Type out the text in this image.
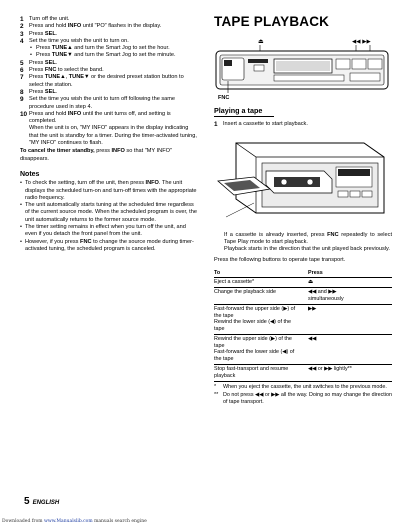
1 Turn off the unit.
2 Press and hold INFO until "PO" flashes in the display.
3 Press SEL.
4 Set the time you wish the unit to turn on.
• Press TUNE▲ and turn the Smart Jog to set the hour.
• Press TUNE▼ and turn the Smart Jog to set the minute.
5 Press SEL.
6 Press FNC to select the band.
7 Press TUNE▲, TUNE▼ or the desired preset station button to select the station.
8 Press SEL.
9 Set the time you wish the unit to turn off following the same procedure used in step 4.
10 Press and hold INFO until the unit turns off, and setting is completed.
When the unit is on, "MY INFO" appears in the display indicating that the unit is standby for a timer. During the timer-activated tuning, "MY INFO" continues to flash.
To cancel the timer standby, press INFO so that "MY INFO" disappears.
Notes
• To check the setting, turn off the unit, then press INFO. The unit displays the scheduled turn-on and turn-off times with the appropriate radio frequency.
• The unit automatically starts tuning at the scheduled time regardless of the current source mode. When the scheduled program is over, the unit automatically returns to the former source mode.
• The timer setting remains in effect when you turn off the unit, and even if you detach the front panel from the unit.
• However, if you press FNC to change the source mode during timer-activated tuning, the scheduled program is canceled.
TAPE PLAYBACK
⏏	◀◀ ▶▶
FNC
Playing a tape
1 Insert a cassette to start playback.
If a cassette is already inserted, press FNC repeatedly to select Tape Play mode to start playback.
Playback starts in the direction that the unit played back previously.
Press the following buttons to operate tape transport.
To	Press

Eject a cassette*	⏏

Change the playback side	◀◀ and ▶▶
simultaneously

Fast-forward the upper side (▶) of the tape
Rewind the lower side (◀) of the tape	▶▶

Rewind the upper side (▶) of the tape
Fast-forward the lower side (◀) of the tape	◀◀

Stop fast-transport and resume playback	◀◀ or ▶▶ lightly**
*	When you eject the cassette, the unit switches to the previous mode.
** Do not press ◀◀ or ▶▶ all the way. Doing so may change the direction of tape transport.
5 ENGLISH
Downloaded from www.Manualslib.com manuals search engine
